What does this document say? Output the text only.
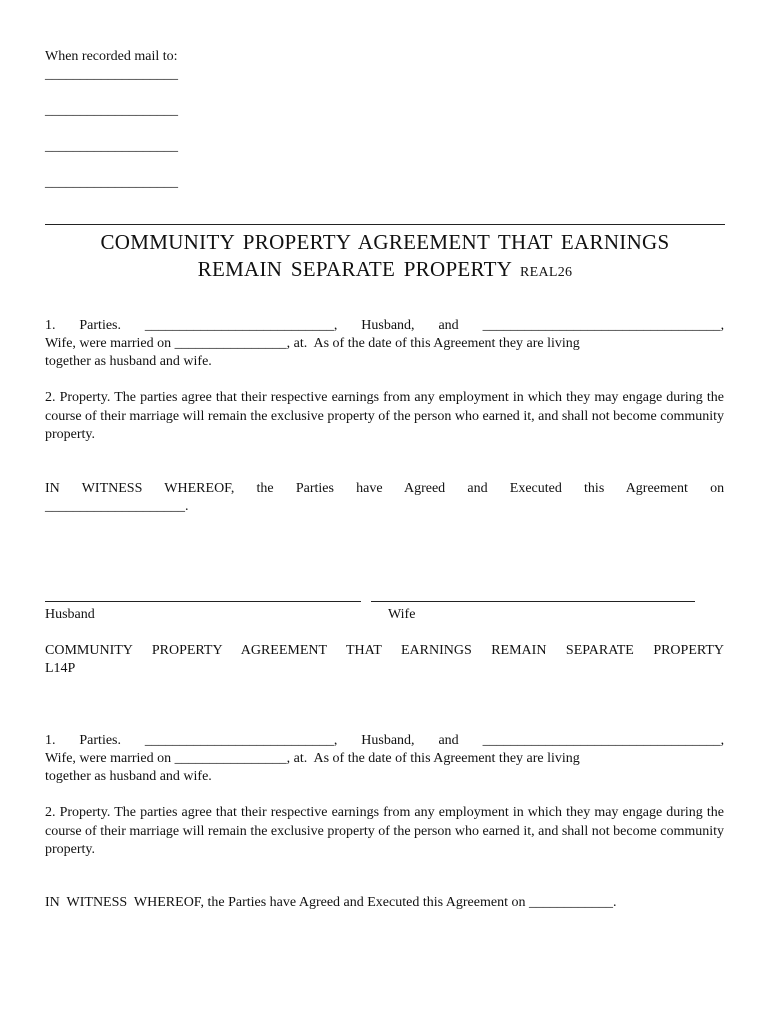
When recorded mail to:
___________________
___________________
___________________
___________________
COMMUNITY PROPERTY AGREEMENT THAT EARNINGS
REMAIN SEPARATE PROPERTY REAL26
1. Parties. ___________________________, Husband, and __________________________________,
Wife, were married on ________________, at.  As of the date of this Agreement they are living
together as husband and wife.
2. Property. The parties agree that their respective earnings from any employment in which they may engage during the course of their marriage will remain the exclusive property of the person who earned it, and shall not become community property.
IN WITNESS WHEREOF, the Parties have Agreed and Executed this Agreement on
____________________.
Husband	Wife
COMMUNITY PROPERTY AGREEMENT THAT EARNINGS REMAIN SEPARATE PROPERTY
L14P
1. Parties. ___________________________, Husband, and __________________________________,
Wife, were married on ________________, at.  As of the date of this Agreement they are living
together as husband and wife.
2. Property. The parties agree that their respective earnings from any employment in which they may engage during the course of their marriage will remain the exclusive property of the person who earned it, and shall not become community property.
IN  WITNESS  WHEREOF, the Parties have Agreed and Executed this Agreement on ____________.
